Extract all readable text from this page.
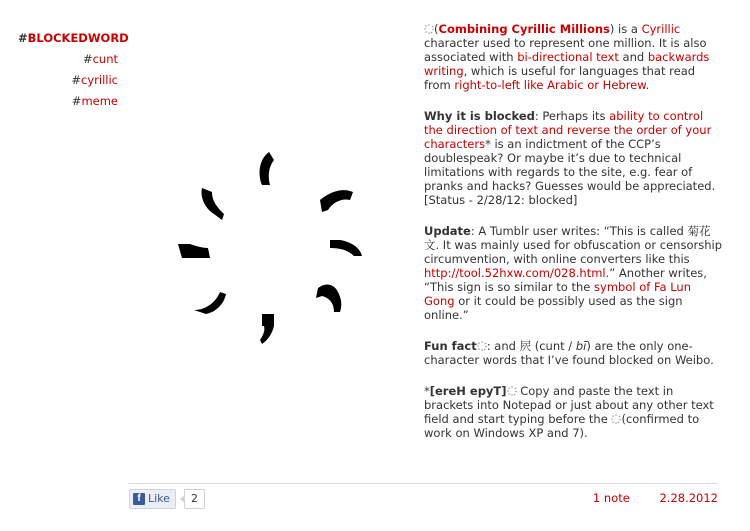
#BLOCKEDWORD
#cunt
#cyrillic
#meme

(Combining Cyrillic Millions) is a Cyrillic character used to represent one million. It is also associated with bi-directional text and backwards writing, which is useful for languages that read from right-to-left like Arabic or Hebrew.

Why it is blocked: Perhaps its ability to control the direction of text and reverse the order of your characters* is an indictment of the CCP’s doublespeak? Or maybe it’s due to technical limitations with regards to the site, e.g. fear of pranks and hacks? Guesses would be appreciated. [Status - 2/28/12: blocked]

Update: A Tumblr user writes: “This is called 菊花文. It was mainly used for obfuscation or censorship circumvention, with online converters like this http://tool.52hxw.com/028.html.” Another writes, “This sign is so similar to the symbol of Fa Lun Gong or it could be possibly used as the sign online.”

Fun fact : and 屄 (cunt / bī) are the only one-character words that I’ve found blocked on Weibo.

*[ereH epyT]
Copy and paste the text in brackets into Notepad or just about any other text field and start typing before the
(confirmed to work on Windows XP and 7).

f Like	2	1 note	2.28.2012
